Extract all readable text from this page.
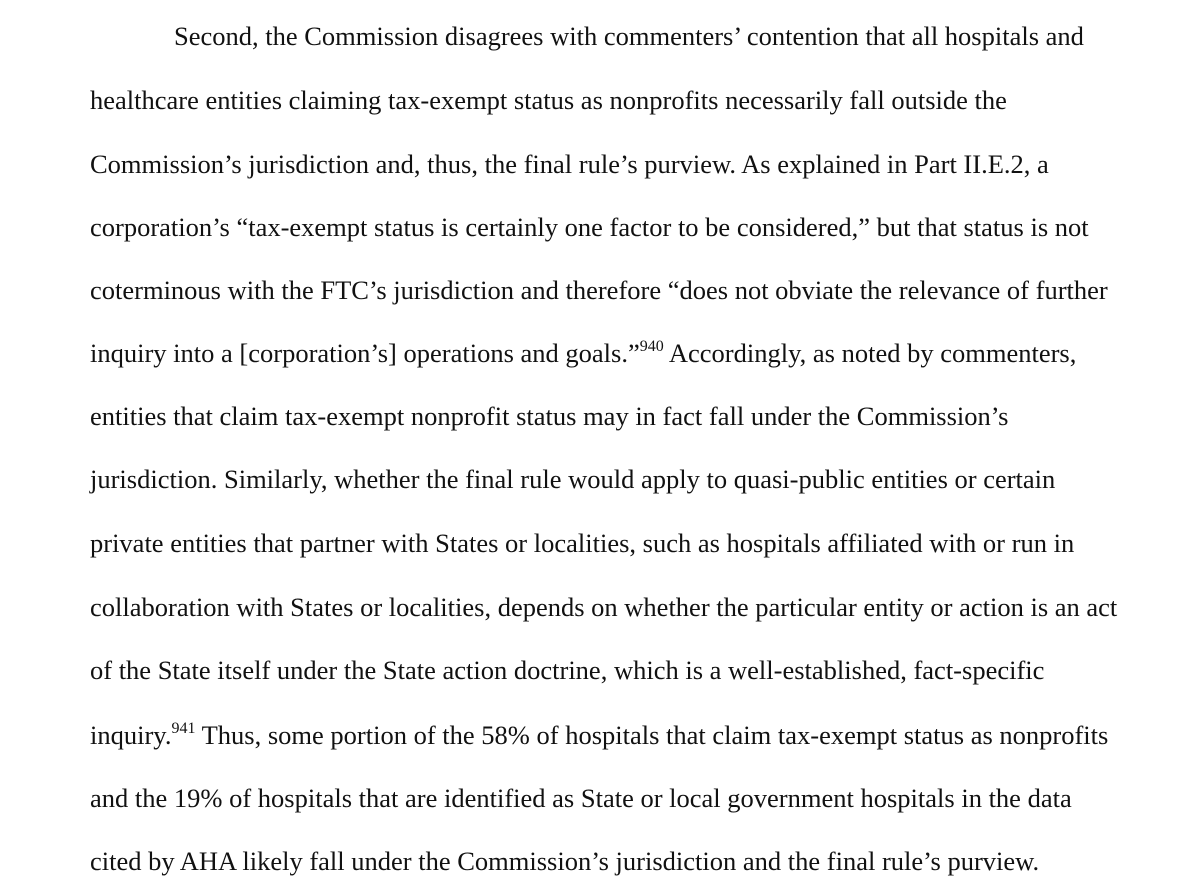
Second, the Commission disagrees with commenters’ contention that all hospitals and
healthcare entities claiming tax-exempt status as nonprofits necessarily fall outside the
Commission’s jurisdiction and, thus, the final rule’s purview. As explained in Part II.E.2, a
corporation’s “tax-exempt status is certainly one factor to be considered,” but that status is not
coterminous with the FTC’s jurisdiction and therefore “does not obviate the relevance of further
inquiry into a [corporation’s] operations and goals.”$^{940}$ Accordingly, as noted by commenters,
entities that claim tax-exempt nonprofit status may in fact fall under the Commission’s
jurisdiction. Similarly, whether the final rule would apply to quasi-public entities or certain
private entities that partner with States or localities, such as hospitals affiliated with or run in
collaboration with States or localities, depends on whether the particular entity or action is an act
of the State itself under the State action doctrine, which is a well-established, fact-specific
inquiry.$^{941}$ Thus, some portion of the 58% of hospitals that claim tax-exempt status as nonprofits
and the 19% of hospitals that are identified as State or local government hospitals in the data
cited by AHA likely fall under the Commission’s jurisdiction and the final rule’s purview.
